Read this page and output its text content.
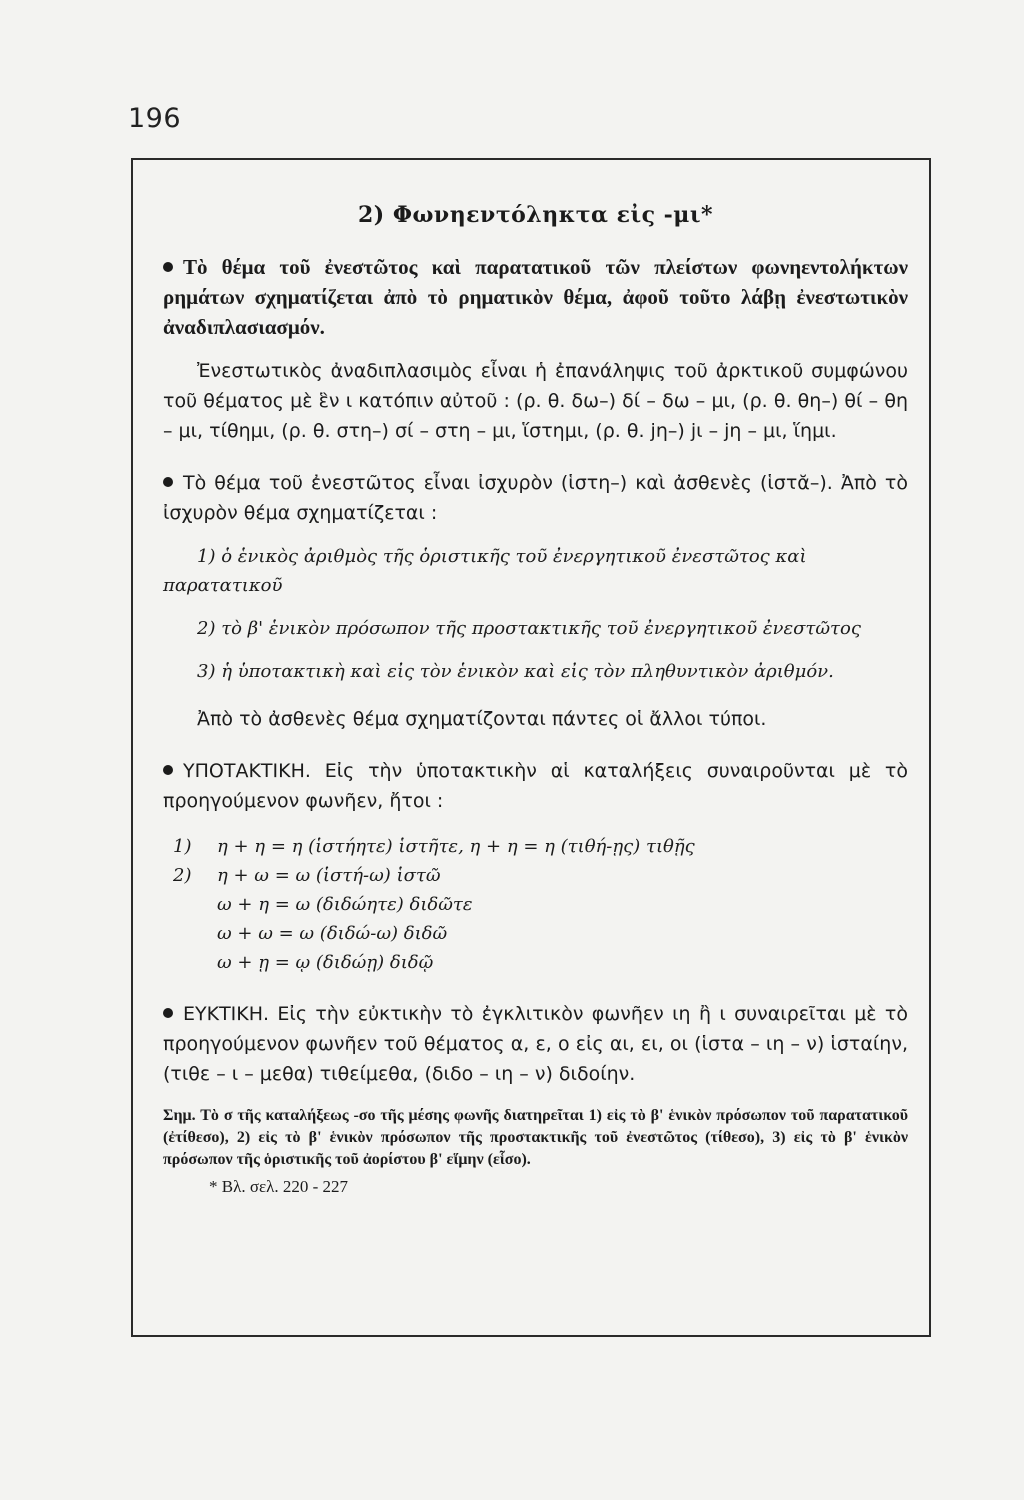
196
2) Φωνηεντόληκτα εἰς -μι*

Τὸ θέμα τοῦ ἐνεστῶτος καὶ παρατατικοῦ τῶν πλείστων φωνηεντολήκτων ρημάτων σχηματίζεται ἀπὸ τὸ ρηματικὸν θέμα, ἀφοῦ τοῦτο λάβῃ ἐνεστωτικὸν ἀναδιπλασιασμόν.

Ἐνεστωτικὸς ἀναδιπλασιμὸς εἶναι ἡ ἐπανάληψις τοῦ ἀρκτικοῦ συμφώνου τοῦ θέματος μὲ ἓν ι κατόπιν αὐτοῦ : (ρ. θ. δω–) δί – δω – μι, (ρ. θ. θη–) θί – θη – μι, τίθημι, (ρ. θ. στη–) σί – στη – μι, ἵστημι, (ρ. θ. jη–) jι – jη – μι, ἵημι.

Τὸ θέμα τοῦ ἐνεστῶτος εἶναι ἰσχυρὸν (ἱστη–) καὶ ἀσθενὲς (ἱστᾰ–). Ἀπὸ τὸ ἰσχυρὸν θέμα σχηματίζεται :

1) ὁ ἑνικὸς ἀριθμὸς τῆς ὁριστικῆς τοῦ ἐνεργητικοῦ ἐνεστῶτος καὶ παρατατικοῦ

2) τὸ β' ἑνικὸν πρόσωπον τῆς προστακτικῆς τοῦ ἐνεργητικοῦ ἐνεστῶτος

3) ἡ ὑποτακτικὴ καὶ εἰς τὸν ἑνικὸν καὶ εἰς τὸν πληθυντικὸν ἀριθμόν.

Ἀπὸ τὸ ἀσθενὲς θέμα σχηματίζονται πάντες οἱ ἄλλοι τύποι.

ΥΠΟΤΑΚΤΙΚΗ. Εἰς τὴν ὑποτακτικὴν αἱ καταλήξεις συναιροῦνται μὲ τὸ προηγούμενον φωνῆεν, ἤτοι :

1) η + η = η (ἱστήητε) ἱστῆτε, η + η = η (τιθή-ῃς) τιθῇς
2) η + ω = ω (ἱστή-ω) ἱστῶ
ω + η = ω (διδώητε) διδῶτε
ω + ω = ω (διδώ-ω) διδῶ
ω + ῃ = ῳ (διδώῃ) διδῷ

ΕΥΚΤΙΚΗ. Εἰς τὴν εὐκτικὴν τὸ ἐγκλιτικὸν φωνῆεν ιη ἢ ι συναιρεῖται μὲ τὸ προηγούμενον φωνῆεν τοῦ θέματος α, ε, ο εἰς αι, ει, οι (ἱστα – ιη – ν) ἱσταίην, (τιθε – ι – μεθα) τιθείμεθα, (διδο – ιη – ν) διδοίην.

Σημ. Τὸ σ τῆς καταλήξεως -σο τῆς μέσης φωνῆς διατηρεῖται 1) εἰς τὸ β' ἑνικὸν πρόσωπον τοῦ παρατατικοῦ (ἐτίθεσο), 2) εἰς τὸ β' ἑνικὸν πρόσωπον τῆς προστακτικῆς τοῦ ἐνεστῶτος (τίθεσο), 3) εἰς τὸ β' ἑνικὸν πρόσωπον τῆς ὁριστικῆς τοῦ ἀορίστου β' εἵμην (εἷσο).

* Βλ. σελ. 220 - 227
